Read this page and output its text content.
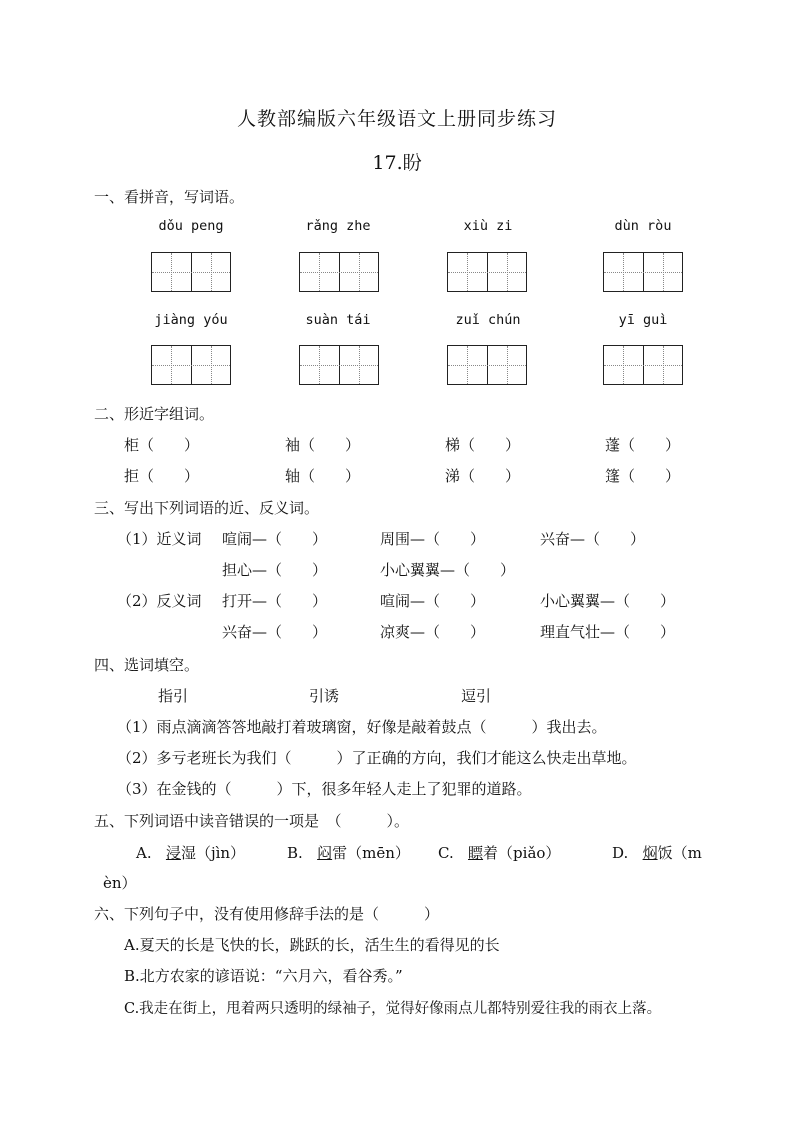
人教部编版六年级语文上册同步练习
17.盼
一、看拼音，写词语。
dǒu peng	rǎng zhe	xiù zi	dùn ròu
jiàng yóu	suàn tái	zuǐ chún	yī guì
二、形近字组词。
柜（　　）	袖（　　）	梯（　　）	蓬（　　）
拒（　　）	轴（　　）	涕（　　）	篷（　　）
三、写出下列词语的近、反义词。
（1）近义词 喧闹—（　　）	周围—（　　）	兴奋—（　　）
担心—（　　）	小心翼翼—（　　）
（2）反义词 打开—（　　）	喧闹—（　　）	小心翼翼—（　　）
兴奋—（　　）	凉爽—（　　）	理直气壮—（　　）
四、选词填空。
指引	引诱	逗引
（1）雨点滴滴答答地敲打着玻璃窗，好像是敲着鼓点（　　　）我出去。
（2）多亏老班长为我们（　　　）了正确的方向，我们才能这么快走出草地。
（3）在金钱的（　　　）下，很多年轻人走上了犯罪的道路。
五、下列词语中读音错误的一项是　（　　　）。
A. 浸湿（jìn）	B. 闷雷（mēn） C. 瞟着（piǎo）	D. 焖饭（m
èn）
六、下列句子中，没有使用修辞手法的是（　　　）
A.夏天的长是飞快的长，跳跃的长，活生生的看得见的长
B.北方农家的谚语说：“六月六，看谷秀。”
C.我走在街上，甩着两只透明的绿袖子，觉得好像雨点儿都特别爱往我的雨衣上落。
